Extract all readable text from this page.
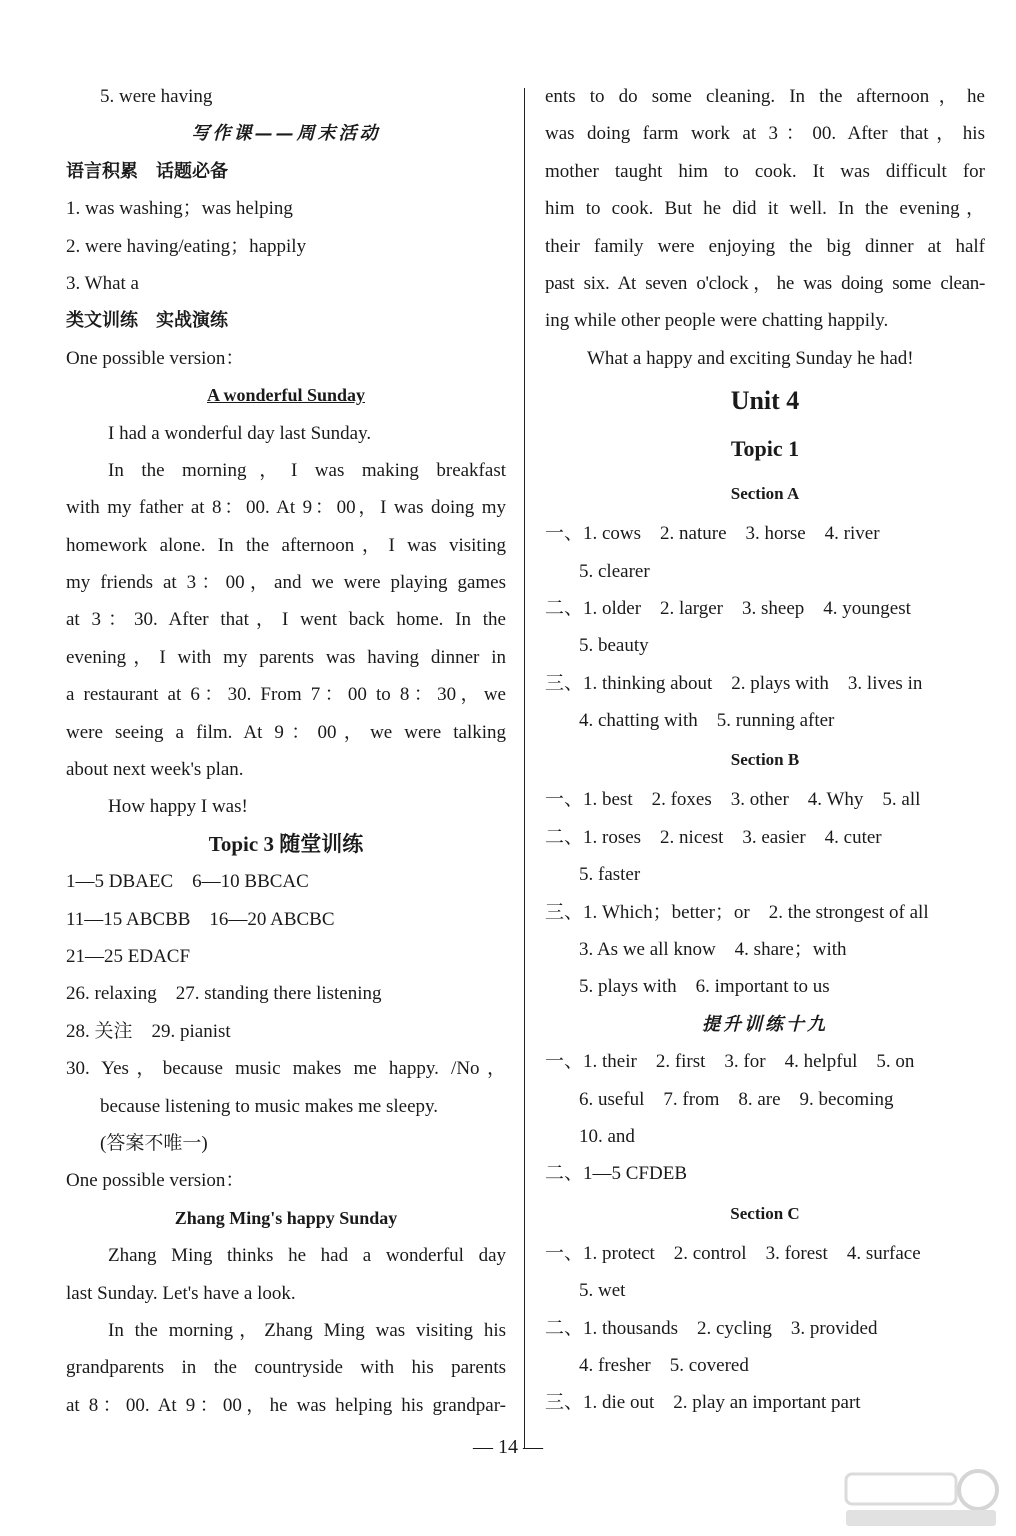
5. were having
写作课——周末活动
语言积累　话题必备
1. was washing；was helping
2. were having/eating；happily
3. What a
类文训练　实战演练
One possible version：
A wonderful Sunday
I had a wonderful day last Sunday.
In the morning，I was making breakfast
with my father at 8：00. At 9：00，I was doing my
homework alone. In the afternoon，I was visiting
my friends at 3：00，and we were playing games
at 3：30. After that，I went back home. In the
evening，I with my parents was having dinner in
a restaurant at 6：30. From 7：00 to 8：30，we
were seeing a film. At 9：00，we were talking
about next week's plan.
How happy I was!
Topic 3 随堂训练
1—5 DBAEC　6—10 BBCAC
11—15 ABCBB　16—20 ABCBC
21—25 EDACF
26. relaxing　27. standing there listening
28. 关注　29. pianist
30. Yes，because music makes me happy. /No，
because listening to music makes me sleepy.
(答案不唯一)
One possible version：
Zhang Ming's happy Sunday
Zhang Ming thinks he had a wonderful day
last Sunday. Let's have a look.
In the morning，Zhang Ming was visiting his
grandparents in the countryside with his parents
at 8：00. At 9：00，he was helping his grandpar-
ents to do some cleaning. In the afternoon，he
was doing farm work at 3：00. After that，his
mother taught him to cook. It was difficult for
him to cook. But he did it well. In the evening，
their family were enjoying the big dinner at half
past six. At seven o'clock，he was doing some clean-
ing while other people were chatting happily.
What a happy and exciting Sunday he had!
Unit 4
Topic 1
Section A
一、1. cows　2. nature　3. horse　4. river
5. clearer
二、1. older　2. larger　3. sheep　4. youngest
5. beauty
三、1. thinking about　2. plays with　3. lives in
4. chatting with　5. running after
Section B
一、1. best　2. foxes　3. other　4. Why　5. all
二、1. roses　2. nicest　3. easier　4. cuter
5. faster
三、1. Which；better；or　2. the strongest of all
3. As we all know　4. share；with
5. plays with　6. important to us
提升训练十九
一、1. their　2. first　3. for　4. helpful　5. on
6. useful　7. from　8. are　9. becoming
10. and
二、1—5 CFDEB
Section C
一、1. protect　2. control　3. forest　4. surface
5. wet
二、1. thousands　2. cycling　3. provided
4. fresher　5. covered
三、1. die out　2. play an important part
— 14 —
